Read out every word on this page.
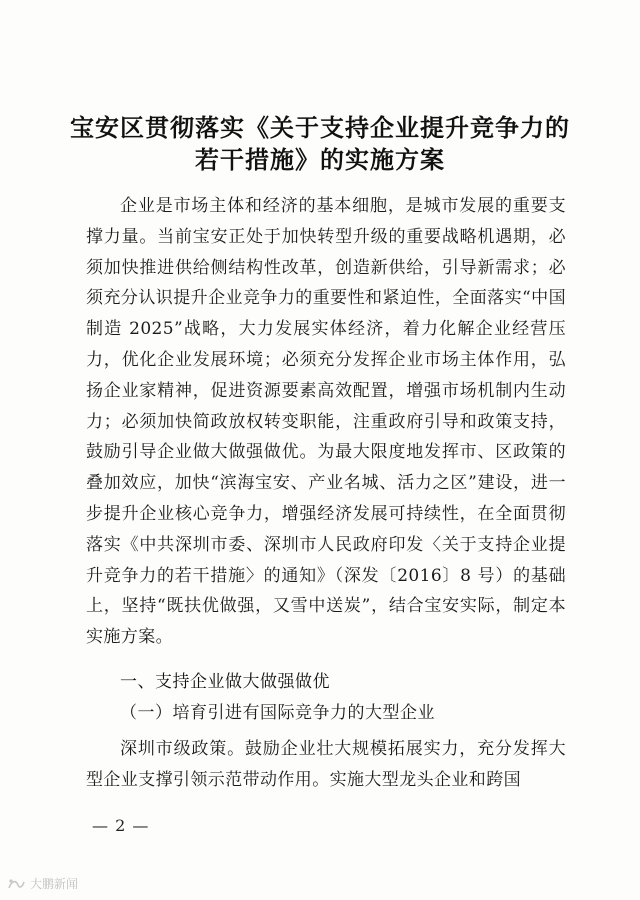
宝安区贯彻落实《关于支持企业提升竞争力的
若干措施》的实施方案

企业是市场主体和经济的基本细胞，是城市发展的重要支撑力量。当前宝安正处于加快转型升级的重要战略机遇期，必须加快推进供给侧结构性改革，创造新供给，引导新需求；必须充分认识提升企业竞争力的重要性和紧迫性，全面落实“中国制造 2025”战略，大力发展实体经济，着力化解企业经营压力，优化企业发展环境；必须充分发挥企业市场主体作用，弘扬企业家精神，促进资源要素高效配置，增强市场机制内生动力；必须加快简政放权转变职能，注重政府引导和政策支持，鼓励引导企业做大做强做优。为最大限度地发挥市、区政策的叠加效应，加快“滨海宝安、产业名城、活力之区”建设，进一步提升企业核心竞争力，增强经济发展可持续性，在全面贯彻落实《中共深圳市委、深圳市人民政府印发〈关于支持企业提升竞争力的若干措施〉的通知》（深发〔2016〕8 号）的基础上，坚持“既扶优做强，又雪中送炭”，结合宝安实际，制定本实施方案。

一、支持企业做大做强做优
（一）培育引进有国际竞争力的大型企业

深圳市级政策。鼓励企业壮大规模拓展实力，充分发挥大型企业支撑引领示范带动作用。实施大型龙头企业和跨国

— 2 —
大鹏新闻
